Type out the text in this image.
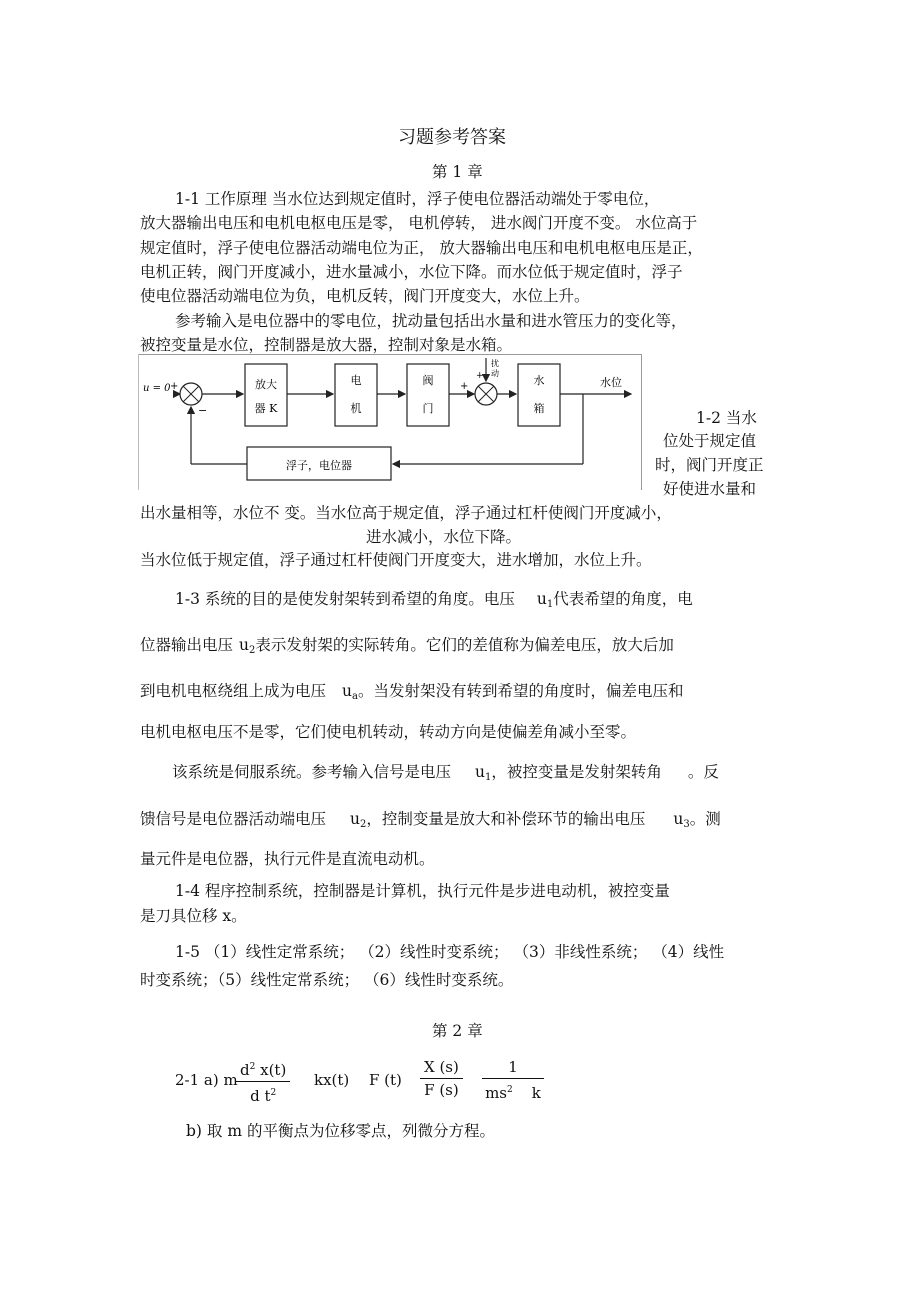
习题参考答案
第 1 章
1-1 工作原理 当水位达到规定值时，浮子使电位器活动端处于零电位，
放大器输出电压和电机电枢电压是零， 电机停转， 进水阀门开度不变。 水位高于
规定值时，浮子使电位器活动端电位为正， 放大器输出电压和电机电枢电压是正，
电机正转，阀门开度减小，进水量减小，水位下降。而水位低于规定值时，浮子
使电位器活动端电位为负，电机反转，阀门开度变大，水位上升。
参考输入是电位器中的零电位，扰动量包括出水量和进水管压力的变化等，
被控变量是水位，控制器是放大器，控制对象是水箱。
u = 0 +
−
放大
器 K
电
机
阀
门
+
扰
动
+	水
箱
水位
浮子，电位器
1-2 当水
位处于规定值
时，阀门开度正
好使进水量和
出水量相等，水位不 变。当水位高于规定值，浮子通过杠杆使阀门开度减小，
进水减小，水位下降。
当水位低于规定值，浮子通过杠杆使阀门开度变大，进水增加，水位上升。
1-3 系统的目的是使发射架转到希望的角度。电压 $u_1$代表希望的角度，电
位器输出电压 $u_2$表示发射架的实际转角。它们的差值称为偏差电压，放大后加
到电机电枢绕组上成为电压 $u_a$。当发射架没有转到希望的角度时，偏差电压和
电机电枢电压不是零，它们使电机转动，转动方向是使偏差角减小至零。
该系统是伺服系统。参考输入信号是电压 $u_1$，被控变量是发射架转角 。反
馈信号是电位器活动端电压 $u_2$，控制变量是放大和补偿环节的输出电压 $u_3$。测
量元件是电位器，执行元件是直流电动机。
1-4 程序控制系统，控制器是计算机，执行元件是步进电动机，被控变量
是刀具位移 x。
1-5 （1）线性定常系统； （2）线性时变系统； （3）非线性系统； （4）线性
时变系统；（5）线性定常系统； （6）线性时变系统。
第 2 章
2-1 a) m
$\frac{d^2 x(t)}{d t^2} kx(t)$ F $(t) \frac{X (s)}{F (s)} \frac{1}{ms^2 k}$
b) 取 m 的平衡点为位移零点，列微分方程。
